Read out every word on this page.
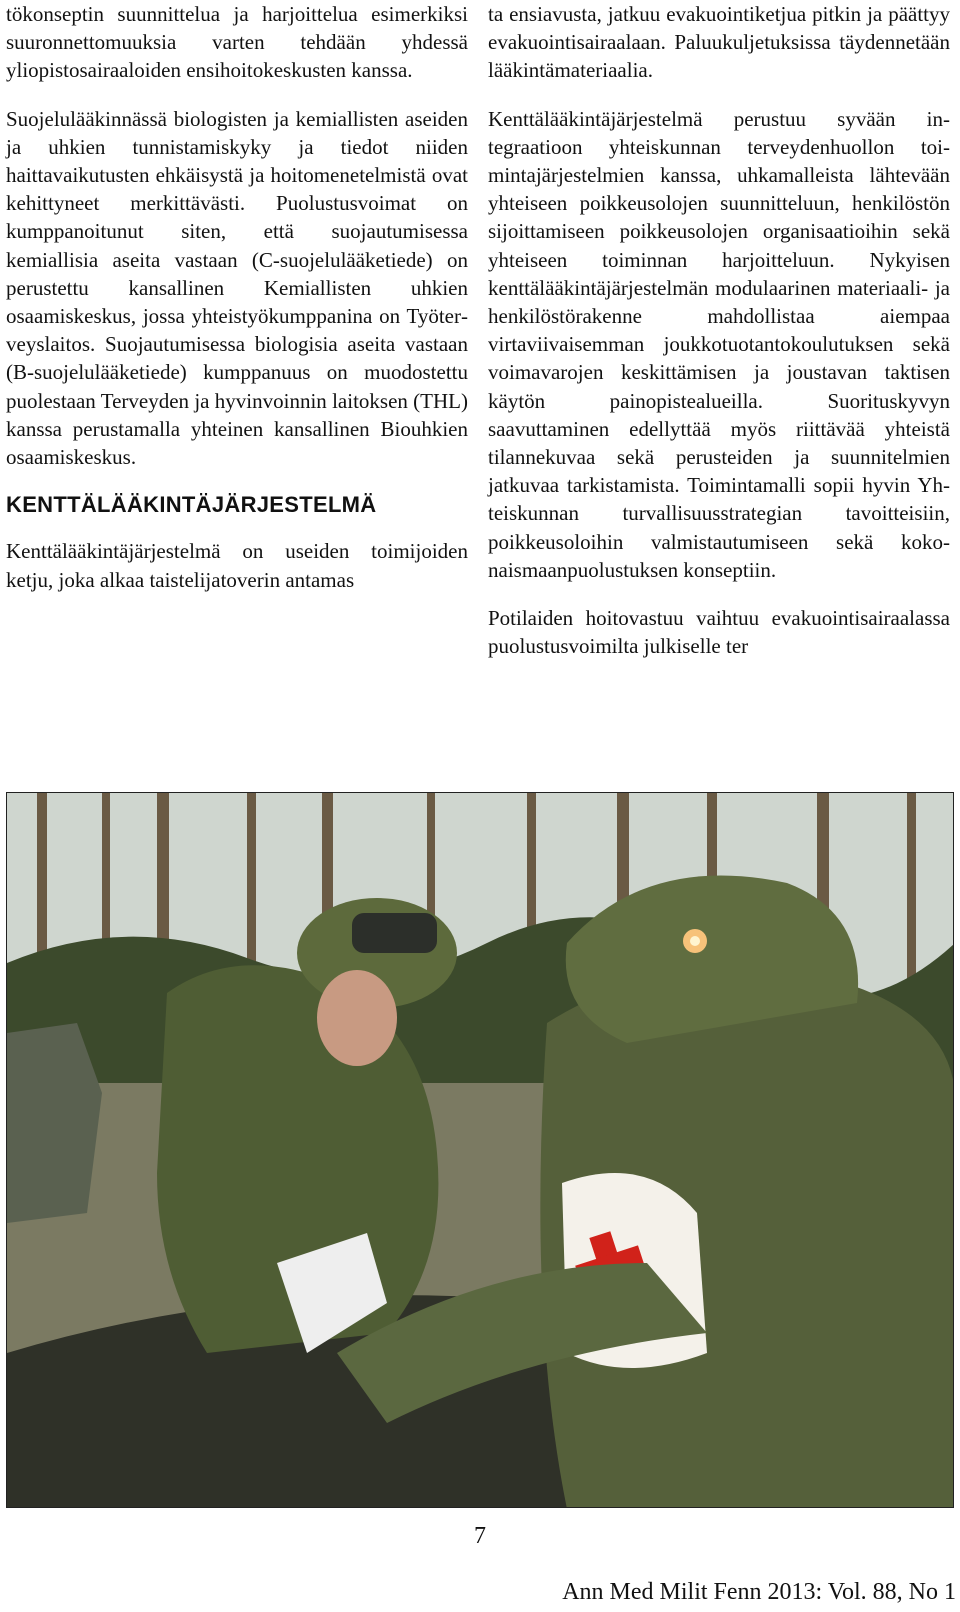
tökonseptin suunnittelua ja harjoittelua esimerkiksi suuronnettomuuksia varten tehdään yhdessä yliopistosairaaloiden ensihoitokeskusten kanssa.

Suojelulääkinnässä biologisten ja kemiallisten aseiden ja uhkien tunnistamiskyky ja tiedot niiden haittavaikutusten ehkäisystä ja hoitomenetelmistä ovat kehittyneet merkittävästi. Puolustusvoimat on kumppanoitunut siten, että suojautumisessa kemiallisia aseita vastaan (C-suojelulääketiede) on perustettu kansallinen Kemiallisten uhkien osaamiskeskus, jossa yhteistyökumppanina on Työterveyslaitos. Suojautumisessa biologisia aseita vastaan (B-suojelulääketiede) kumppanuus on muodostettu puolestaan Terveyden ja hyvinvoinnin laitoksen (THL) kanssa perustamalla yhteinen kansallinen Biouhkien osaamiskeskus.

KENTTÄLÄÄKINTÄJÄRJESTELMÄ

Kenttälääkintäjärjestelmä on useiden toimijoiden ketju, joka alkaa taistelijatoverin antamas

ta ensiavusta, jatkuu evakuointiketjua pitkin ja päättyy evakuointisairaalaan. Paluukuljetuksissa täydennetään lääkintämateriaalia.

Kenttälääkintäjärjestelmä perustuu syvään integraatioon yhteiskunnan terveydenhuollon toimintajärjestelmien kanssa, uhkamalleista lähtevään yhteiseen poikkeusolojen suunnitteluun, henkilöstön sijoittamiseen poikkeusolojen organisaatioihin sekä yhteiseen toiminnan harjoitteluun. Nykyisen kenttälääkintäjärjestelmän modulaarinen materiaali- ja henkilöstörakenne mahdollistaa aiempaa virtaviivaisemman joukkotuotantokoulutuksen sekä voimavarojen keskittämisen ja joustavan taktisen käytön painopistealueilla. Suorituskyvyn saavuttaminen edellyttää myös riittävää yhteistä tilannekuvaa sekä perusteiden ja suunnitelmien jatkuvaa tarkistamista. Toimintamalli sopii hyvin Yhteiskunnan turvallisuusstrategian tavoitteisiin, poikkeusoloihin valmistautumiseen sekä kokonaismaanpuolustuksen konseptiin.

Potilaiden hoitovastuu vaihtuu evakuointisairaalassa puolustusvoimilta julkiselle ter

7
Ann Med Milit Fenn 2013: Vol. 88, No 1
